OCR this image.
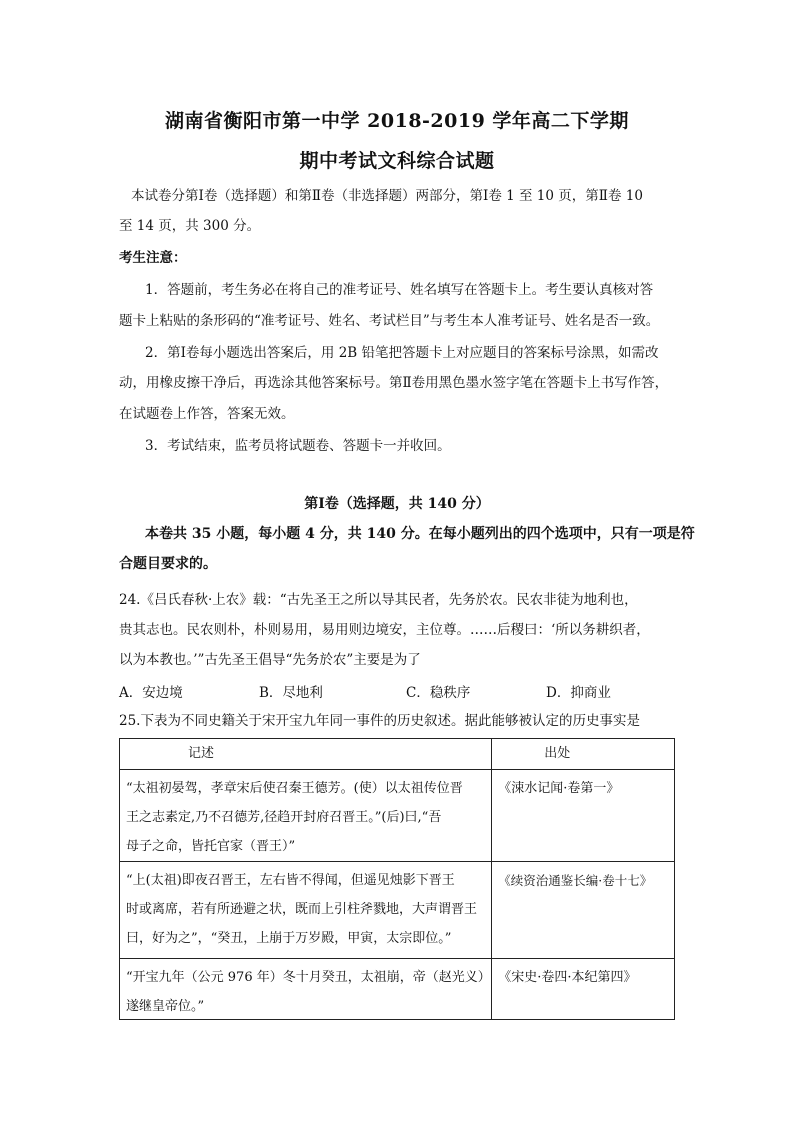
湖南省衡阳市第一中学 2018-2019 学年高二下学期
期中考试文科综合试题
本试卷分第Ⅰ卷（选择题）和第Ⅱ卷（非选择题）两部分，第Ⅰ卷 1 至 10 页，第Ⅱ卷 10
至 14 页，共 300 分。
考生注意：
1．答题前，考生务必在将自己的准考证号、姓名填写在答题卡上。考生要认真核对答
题卡上粘贴的条形码的“准考证号、姓名、考试栏目”与考生本人准考证号、姓名是否一致。
2．第Ⅰ卷每小题选出答案后，用 2B 铅笔把答题卡上对应题目的答案标号涂黑，如需改
动，用橡皮擦干净后，再选涂其他答案标号。第Ⅱ卷用黑色墨水签字笔在答题卡上书写作答，
在试题卷上作答，答案无效。
3．考试结束，监考员将试题卷、答题卡一并收回。
第Ⅰ卷（选择题，共 140 分）
本卷共 35 小题，每小题 4 分，共 140 分。在每小题列出的四个选项中，只有一项是符
合题目要求的。
24.《吕氏春秋·上农》载：“古先圣王之所以导其民者，先务於农。民农非徒为地利也，
贵其志也。民农则朴，朴则易用，易用则边境安，主位尊。……后稷曰：‘所以务耕织者，
以为本教也。’”古先圣王倡导“先务於农”主要是为了
A．安边境	B．尽地利	C．稳秩序	D．抑商业
25.下表为不同史籍关于宋开宝九年同一事件的历史叙述。据此能够被认定的历史事实是
记述	出处

“太祖初晏驾，孝章宋后使召秦王德芳。(使）以太祖传位晋
王之志素定,乃不召德芳,径趋开封府召晋王。”(后)曰,“吾
母子之命，皆托官家（晋王）”	《涑水记闻·卷第一》

“上(太祖)即夜召晋王，左右皆不得闻，但遥见烛影下晋王
时或离席，若有所逊避之状，既而上引柱斧戮地，大声谓晋王
曰，好为之”，“癸丑，上崩于万岁殿，甲寅，太宗即位。”	《续资治通鉴长编·卷十七》

“开宝九年（公元 976 年）冬十月癸丑，太祖崩，帝（赵光义）
遂继皇帝位。”	《宋史·卷四·本纪第四》
